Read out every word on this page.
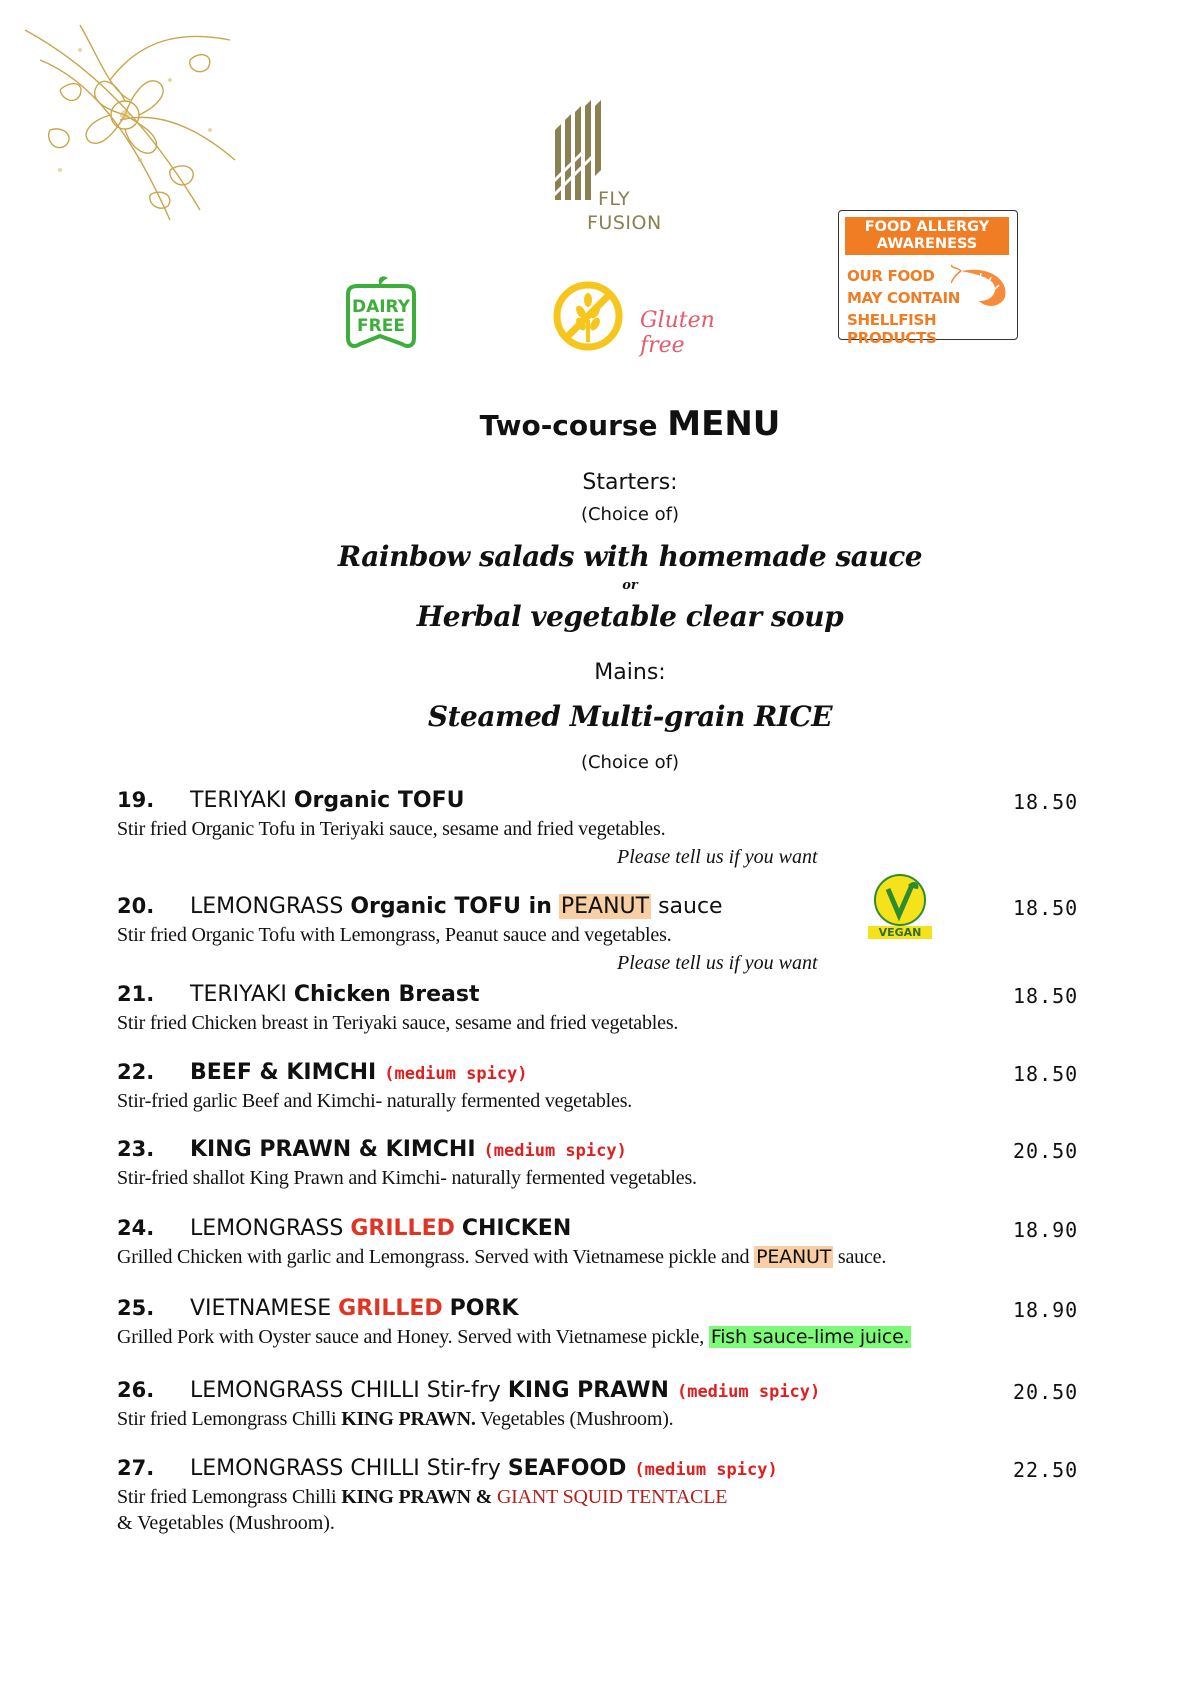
FLY
FUSION
DAIRY
FREE	Gluten free
FOOD ALLERGY
AWARENESS
OUR FOOD
MAY CONTAIN
SHELLFISH PRODUCTS
Two-course MENU
Starters:
(Choice of)
Rainbow salads with homemade sauce
or
Herbal vegetable clear soup
Mains:
Steamed Multi-grain RICE
(Choice of)
19. TERIYAKI Organic TOFU	18.50
Stir fried Organic Tofu in Teriyaki sauce, sesame and fried vegetables.
Please tell us if you want
20. LEMONGRASS Organic TOFU in PEANUT sauce	18.50
Stir fried Organic Tofu with Lemongrass, Peanut sauce and vegetables.
Please tell us if you want
VEGAN
21. TERIYAKI Chicken Breast	18.50
Stir fried Chicken breast in Teriyaki sauce, sesame and fried vegetables.
22. BEEF & KIMCHI (medium spicy)	18.50
Stir-fried garlic Beef and Kimchi- naturally fermented vegetables.
23. KING PRAWN & KIMCHI (medium spicy)	20.50
Stir-fried shallot King Prawn and Kimchi- naturally fermented vegetables.
24. LEMONGRASS GRILLED CHICKEN	18.90
Grilled Chicken with garlic and Lemongrass. Served with Vietnamese pickle and PEANUT sauce.
25. VIETNAMESE GRILLED PORK	18.90
Grilled Pork with Oyster sauce and Honey. Served with Vietnamese pickle, Fish sauce-lime juice.
26. LEMONGRASS CHILLI Stir-fry KING PRAWN (medium spicy)	20.50
Stir fried Lemongrass Chilli KING PRAWN. Vegetables (Mushroom).
27. LEMONGRASS CHILLI Stir-fry SEAFOOD (medium spicy)	22.50
Stir fried Lemongrass Chilli KING PRAWN & GIANT SQUID TENTACLE
& Vegetables (Mushroom).
